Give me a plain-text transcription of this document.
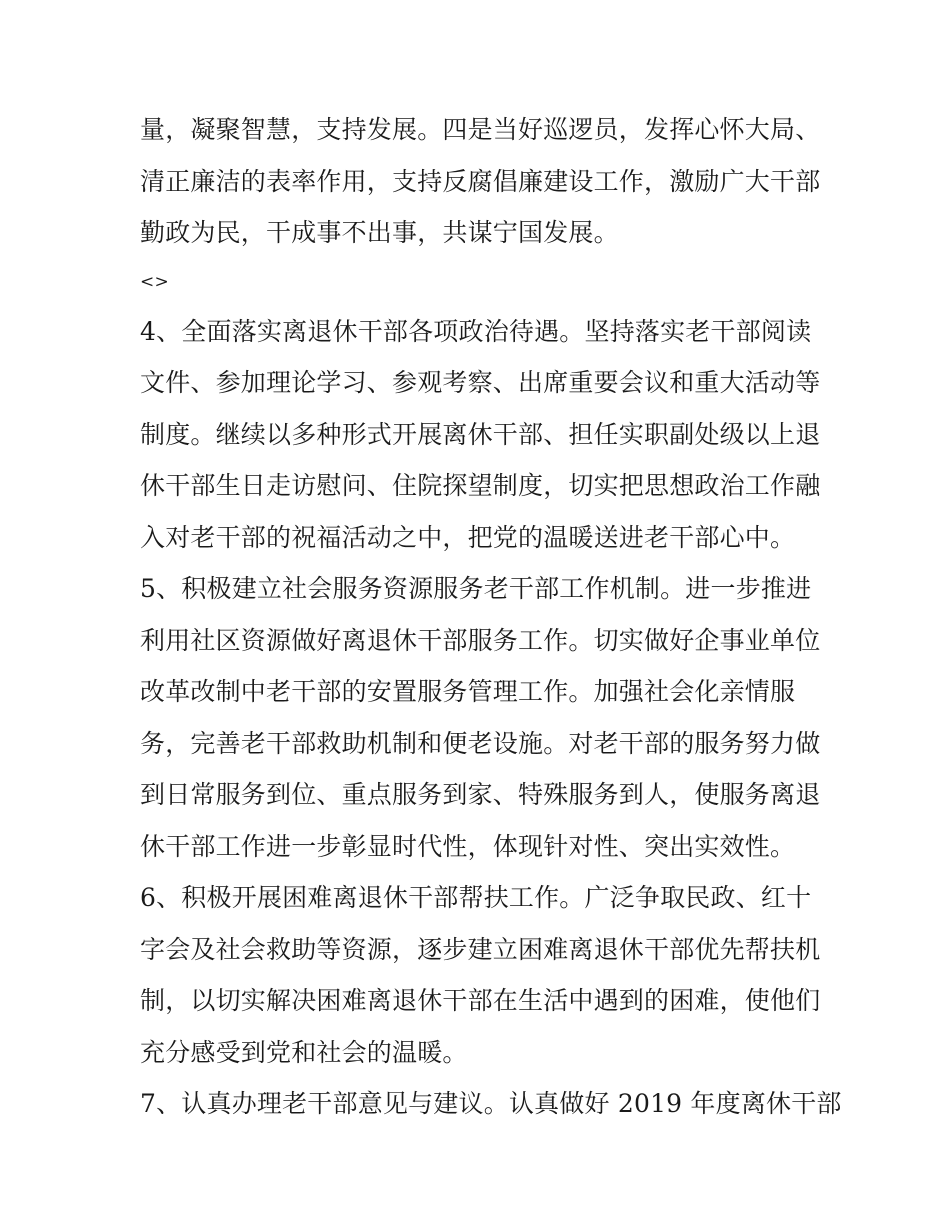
量，凝聚智慧，支持发展。四是当好巡逻员，发挥心怀大局、
清正廉洁的表率作用，支持反腐倡廉建设工作，激励广大干部
勤政为民，干成事不出事，共谋宁国发展。
<>
4、全面落实离退休干部各项政治待遇。坚持落实老干部阅读
文件、参加理论学习、参观考察、出席重要会议和重大活动等
制度。继续以多种形式开展离休干部、担任实职副处级以上退
休干部生日走访慰问、住院探望制度，切实把思想政治工作融
入对老干部的祝福活动之中，把党的温暖送进老干部心中。
5、积极建立社会服务资源服务老干部工作机制。进一步推进
利用社区资源做好离退休干部服务工作。切实做好企事业单位
改革改制中老干部的安置服务管理工作。加强社会化亲情服
务，完善老干部救助机制和便老设施。对老干部的服务努力做
到日常服务到位、重点服务到家、特殊服务到人，使服务离退
休干部工作进一步彰显时代性，体现针对性、突出实效性。
6、积极开展困难离退休干部帮扶工作。广泛争取民政、红十
字会及社会救助等资源，逐步建立困难离退休干部优先帮扶机
制，以切实解决困难离退休干部在生活中遇到的困难，使他们
充分感受到党和社会的温暖。
7、认真办理老干部意见与建议。认真做好 2019 年度离休干部
